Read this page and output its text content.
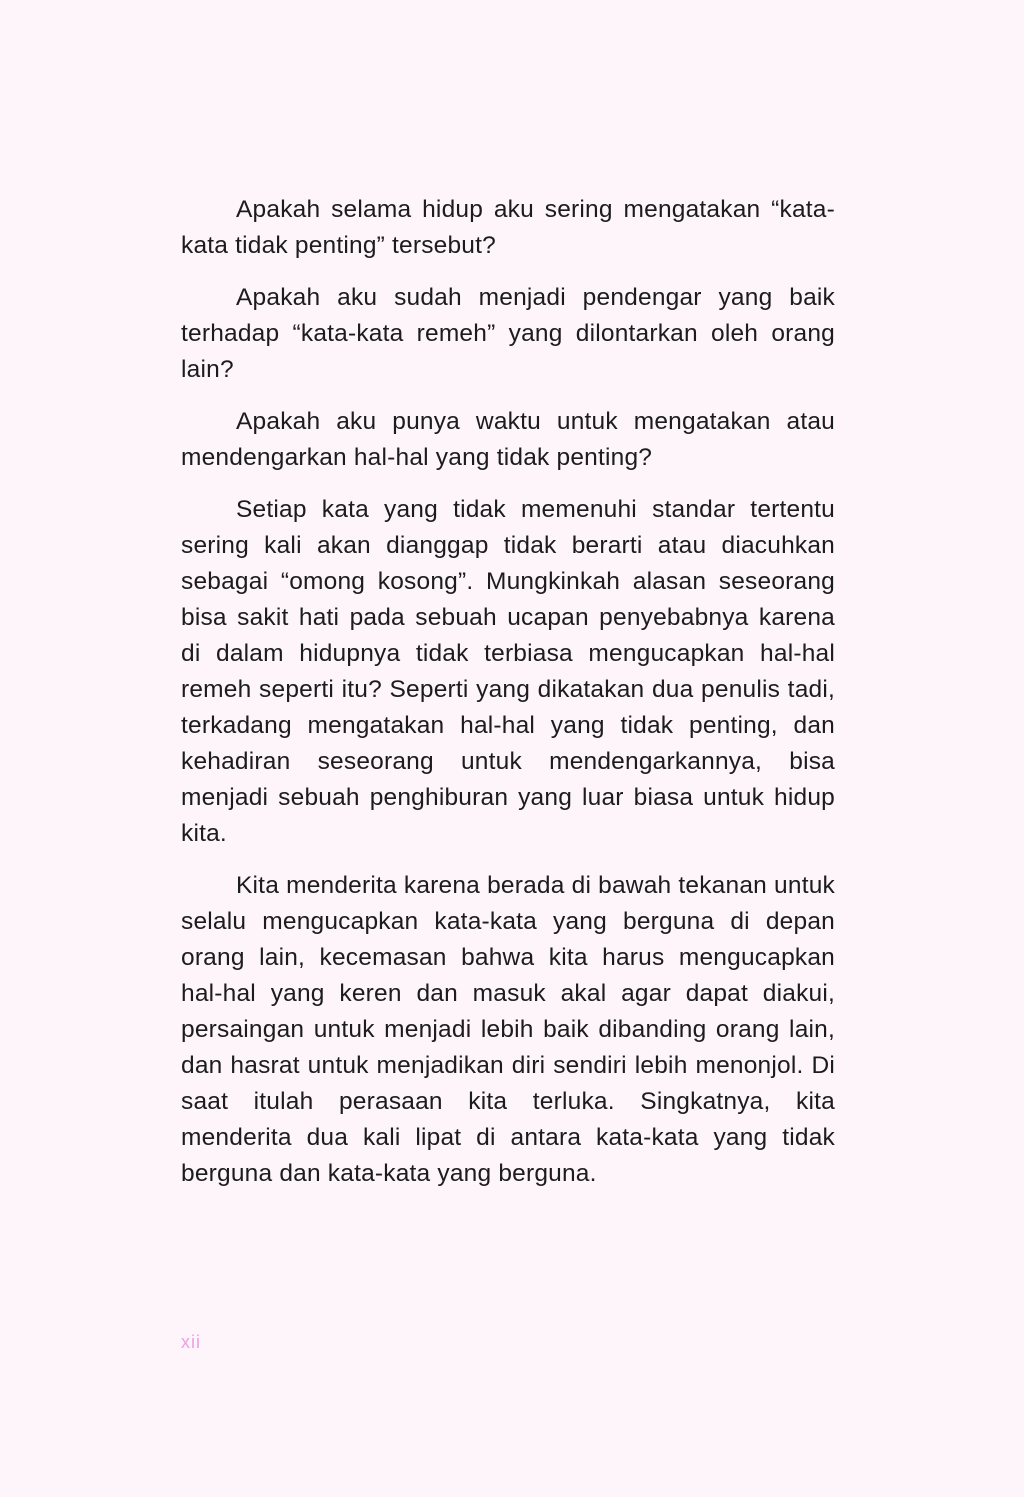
Apakah selama hidup aku sering mengatakan “kata-kata tidak penting” tersebut?

Apakah aku sudah menjadi pendengar yang baik terhadap “kata-kata remeh” yang dilontarkan oleh orang lain?

Apakah aku punya waktu untuk mengatakan atau mendengarkan hal-hal yang tidak penting?

Setiap kata yang tidak memenuhi standar tertentu sering kali akan dianggap tidak berarti atau diacuhkan sebagai “omong kosong”. Mungkinkah alasan seseorang bisa sakit hati pada sebuah ucapan penyebabnya karena di dalam hidupnya tidak terbiasa mengucapkan hal-hal remeh seperti itu? Seperti yang dikatakan dua penulis tadi, terkadang mengatakan hal-hal yang tidak penting, dan kehadiran seseorang untuk mendengarkannya, bisa menjadi sebuah penghiburan yang luar biasa untuk hidup kita.

Kita menderita karena berada di bawah tekanan untuk selalu mengucapkan kata-kata yang berguna di depan orang lain, kecemasan bahwa kita harus mengucapkan hal-hal yang keren dan masuk akal agar dapat diakui, persaingan untuk menjadi lebih baik dibanding orang lain, dan hasrat untuk menjadikan diri sendiri lebih menonjol. Di saat itulah perasaan kita terluka. Singkatnya, kita menderita dua kali lipat di antara kata-kata yang tidak berguna dan kata-kata yang berguna.

xii
